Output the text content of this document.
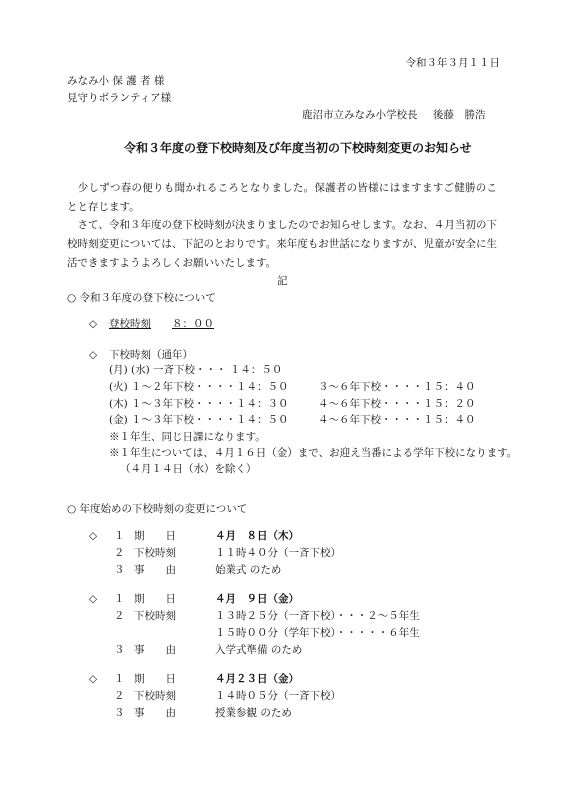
令和３年３月１１日
みなみ小 保 護 者 様
見守りボランティア様
鹿沼市立みなみ小学校長 後藤　勝浩
令和３年度の登下校時刻及び年度当初の下校時刻変更のお知らせ
　少しずつ春の便りも聞かれるころとなりました。保護者の皆様にはますますご健勝のことと存じます。
　さて、令和３年度の登下校時刻が決まりましたのでお知らせします。なお、４月当初の下校時刻変更については、下記のとおりです。来年度もお世話になりますが、児童が安全に生活できますようよろしくお願いいたします。
記
○ 令和３年度の登下校について
◇ 登校時刻 ８：００
◇ 下校時刻（通年）
(月) (水) 一斉下校・・・ １４：５０
(火) １～２年下校・・・・１４：５０	３～６年下校・・・・１５：４０
(木) １～３年下校・・・・１４：３０	４～６年下校・・・・１５：２０
(金) １～３年下校・・・・１４：５０	４～６年下校・・・・１５：４０
※１年生、同じ日課になります。
※１年生については、４月１６日（金）まで、お迎え当番による学年下校になります。
（４月１４日（水）を除く）
○ 年度始めの下校時刻の変更について
◇ １ 期　　日	４月　８日（木）
２ 下校時刻	１１時４０分（一斉下校）
３ 事　　由	始業式 のため
◇ １ 期　　日	４月　９日（金）
２ 下校時刻	１３時２５分（一斉下校）・・・２～５年生
１５時００分（学年下校）・・・・・６年生
３ 事　　由	入学式準備 のため
◇ １ 期　　日	４月２３日（金）
２ 下校時刻	１４時０５分（一斉下校）
３ 事　　由	授業参観 のため
